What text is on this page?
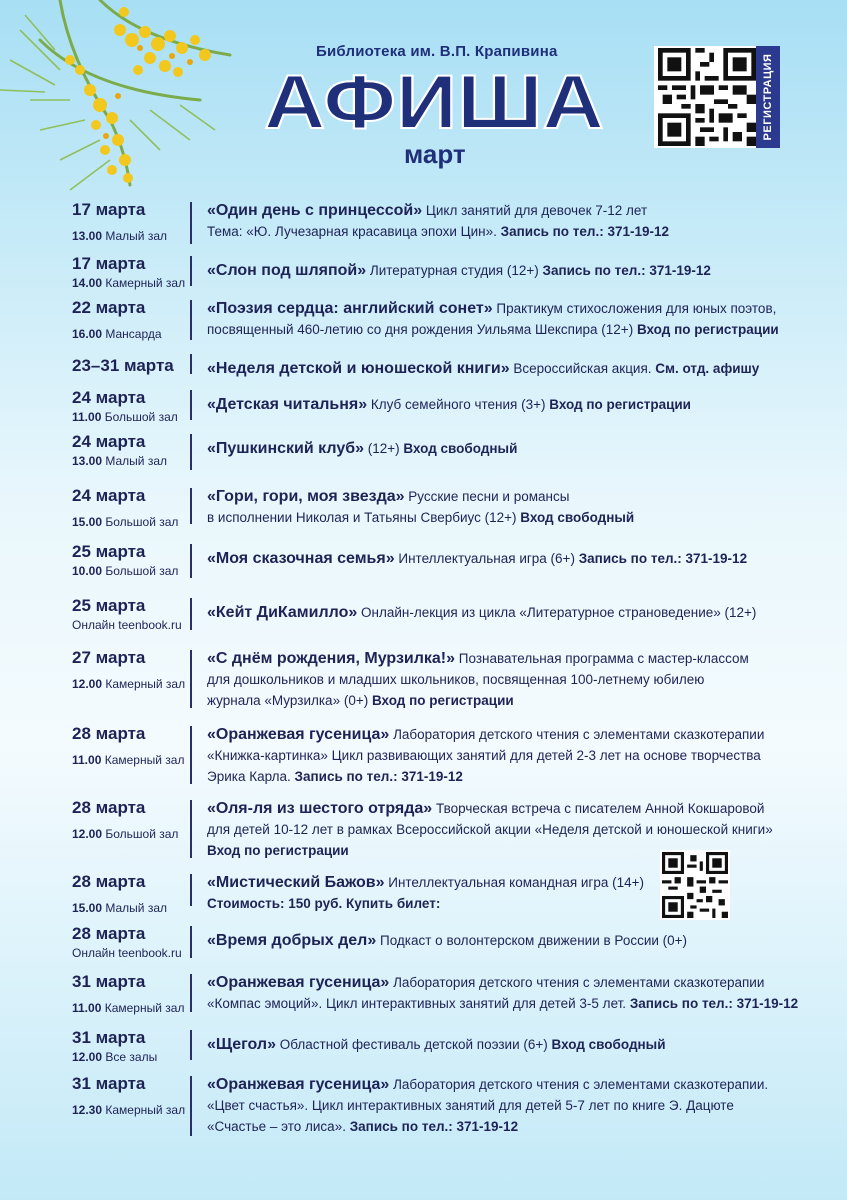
Библиотека им. В.П. Крапивина
АФИША
март
РЕГИСТРАЦИЯ
17 марта
13.00 Малый зал
«Один день с принцессой» Цикл занятий для девочек 7-12 лет
Тема: «Ю. Лучезарная красавица эпохи Цин». Запись по тел.: 371-19-12
17 марта
14.00 Камерный зал
«Слон под шляпой» Литературная студия (12+) Запись по тел.: 371-19-12
22 марта
16.00 Мансарда
«Поэзия сердца: английский сонет» Практикум стихосложения для юных поэтов,
посвященный 460-летию со дня рождения Уильяма Шекспира (12+) Вход по регистрации
23–31 марта «Неделя детской и юношеской книги» Всероссийская акция. См. отд. афишу
24 марта
11.00 Большой зал
«Детская читальня» Клуб семейного чтения (3+) Вход по регистрации
24 марта
13.00 Малый зал
«Пушкинский клуб» (12+) Вход свободный
24 марта
15.00 Большой зал
«Гори, гори, моя звезда» Русские песни и романсы
в исполнении Николая и Татьяны Свербиус (12+) Вход свободный
25 марта
10.00 Большой зал
«Моя сказочная семья» Интеллектуальная игра (6+) Запись по тел.: 371-19-12
25 марта
Онлайн teenbook.ru
«Кейт ДиКамилло» Онлайн-лекция из цикла «Литературное страноведение» (12+)
27 марта
12.00 Камерный зал
«С днём рождения, Мурзилка!» Познавательная программа с мастер-классом
для дошкольников и младших школьников, посвященная 100-летнему юбилею
журнала «Мурзилка» (0+) Вход по регистрации
28 марта
11.00 Камерный зал
«Оранжевая гусеница» Лаборатория детского чтения с элементами сказкотерапии
«Книжка-картинка» Цикл развивающих занятий для детей 2-3 лет на основе творчества
Эрика Карла. Запись по тел.: 371-19-12
28 марта
12.00 Большой зал
«Оля-ля из шестого отряда» Творческая встреча с писателем Анной Кокшаровой
для детей 10-12 лет в рамках Всероссийской акции «Неделя детской и юношеской книги»
Вход по регистрации
28 марта
15.00 Малый зал
«Мистический Бажов» Интеллектуальная командная игра (14+)
Стоимость: 150 руб. Купить билет:
28 марта
Онлайн teenbook.ru
«Время добрых дел» Подкаст о волонтерском движении в России (0+)
31 марта
11.00 Камерный зал
«Оранжевая гусеница» Лаборатория детского чтения с элементами сказкотерапии
«Компас эмоций». Цикл интерактивных занятий для детей 3-5 лет. Запись по тел.: 371-19-12
31 марта
12.00 Все залы
«Щегол» Областной фестиваль детской поэзии (6+) Вход свободный
31 марта
12.30 Камерный зал
«Оранжевая гусеница» Лаборатория детского чтения с элементами сказкотерапии.
«Цвет счастья». Цикл интерактивных занятий для детей 5-7 лет по книге Э. Дацюте
«Счастье – это лиса». Запись по тел.: 371-19-12
